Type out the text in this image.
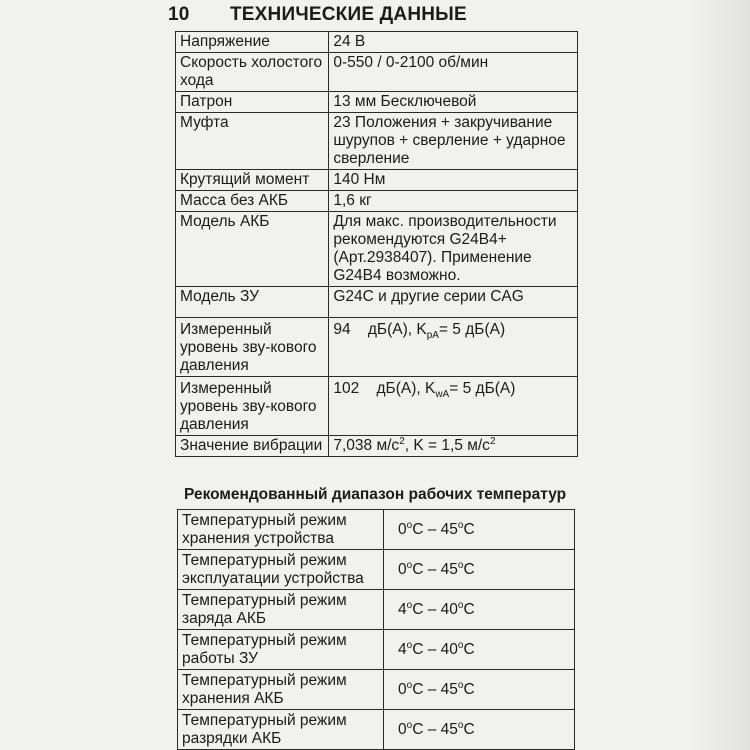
10 ТЕХНИЧЕСКИЕ ДАННЫЕ
Напряжение	24 В
Скорость холостого хода	0-550 / 0-2100 об/мин
Патрон	13 мм Бесключевой
Муфта	23 Положения + закручивание шурупов + сверление + ударное сверление
Крутящий момент	140 Нм
Масса без АКБ	1,6 кг
Модель АКБ	Для макс. производительности рекомендуются G24B4+ (Арт.2938407). Применение G24B4 возможно.
Модель ЗУ	G24C и другие серии CAG
Измеренный уровень зву-кового давления	94 дБ(А), $K_{pA}= 5$ дБ(А)
Измеренный уровень зву-кового давления	102 дБ(А), $K_{wA}= 5$ дБ(А)
Значение вибрации	7,038 $м/с^2$, K = 1,5 $м/с^2$
Рекомендованный диапазон рабочих температур
Температурный режим хранения устройства	0$^o$C – 45$^o$C
Температурный режим эксплуатации устройства	0$^o$C – 45$^o$C
Температурный режим заряда АКБ	4$^o$C – 40$^o$C
Температурный режим работы ЗУ	4$^o$C – 40$^o$C
Температурный режим хранения АКБ	0$^o$C – 45$^o$C
Температурный режим разрядки АКБ	0$^o$C – 45$^o$C
